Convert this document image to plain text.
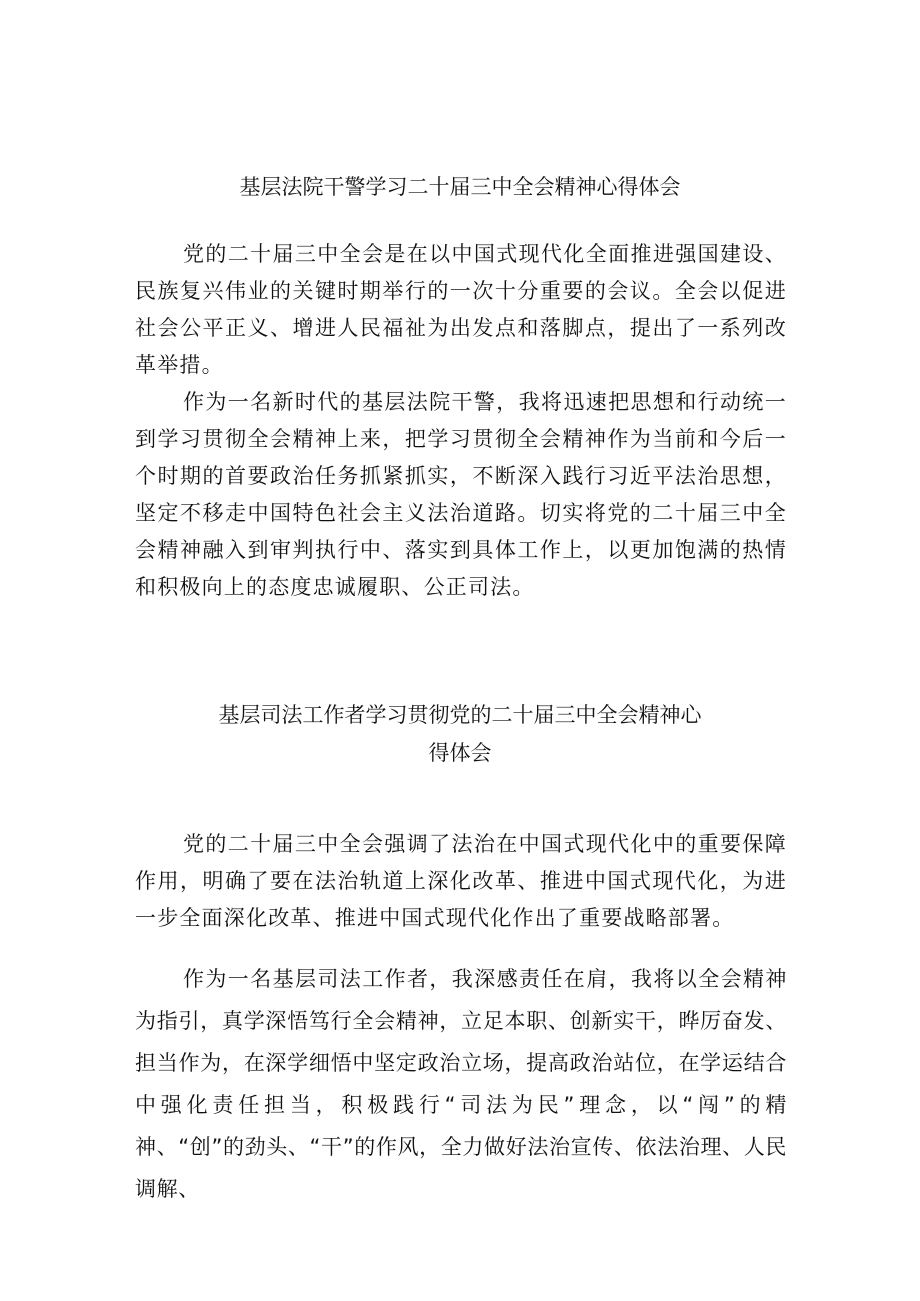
基层法院干警学习二十届三中全会精神心得体会

党的二十届三中全会是在以中国式现代化全面推进强国建设、民族复兴伟业的关键时期举行的一次十分重要的会议。全会以促进社会公平正义、增进人民福祉为出发点和落脚点，提出了一系列改革举措。

作为一名新时代的基层法院干警，我将迅速把思想和行动统一到学习贯彻全会精神上来，把学习贯彻全会精神作为当前和今后一个时期的首要政治任务抓紧抓实，不断深入践行习近平法治思想，坚定不移走中国特色社会主义法治道路。切实将党的二十届三中全会精神融入到审判执行中、落实到具体工作上，以更加饱满的热情和积极向上的态度忠诚履职、公正司法。

基层司法工作者学习贯彻党的二十届三中全会精神心
得体会

党的二十届三中全会强调了法治在中国式现代化中的重要保障作用，明确了要在法治轨道上深化改革、推进中国式现代化，为进一步全面深化改革、推进中国式现代化作出了重要战略部署。

作为一名基层司法工作者，我深感责任在肩，我将以全会精神为指引，真学深悟笃行全会精神，立足本职、创新实干，晔厉奋发、担当作为，在深学细悟中坚定政治立场，提高政治站位，在学运结合中强化责任担当，积极践行“司法为民”理念，以“闯”的精神、“创”的劲头、“干”的作风，全力做好法治宣传、依法治理、人民调解、
